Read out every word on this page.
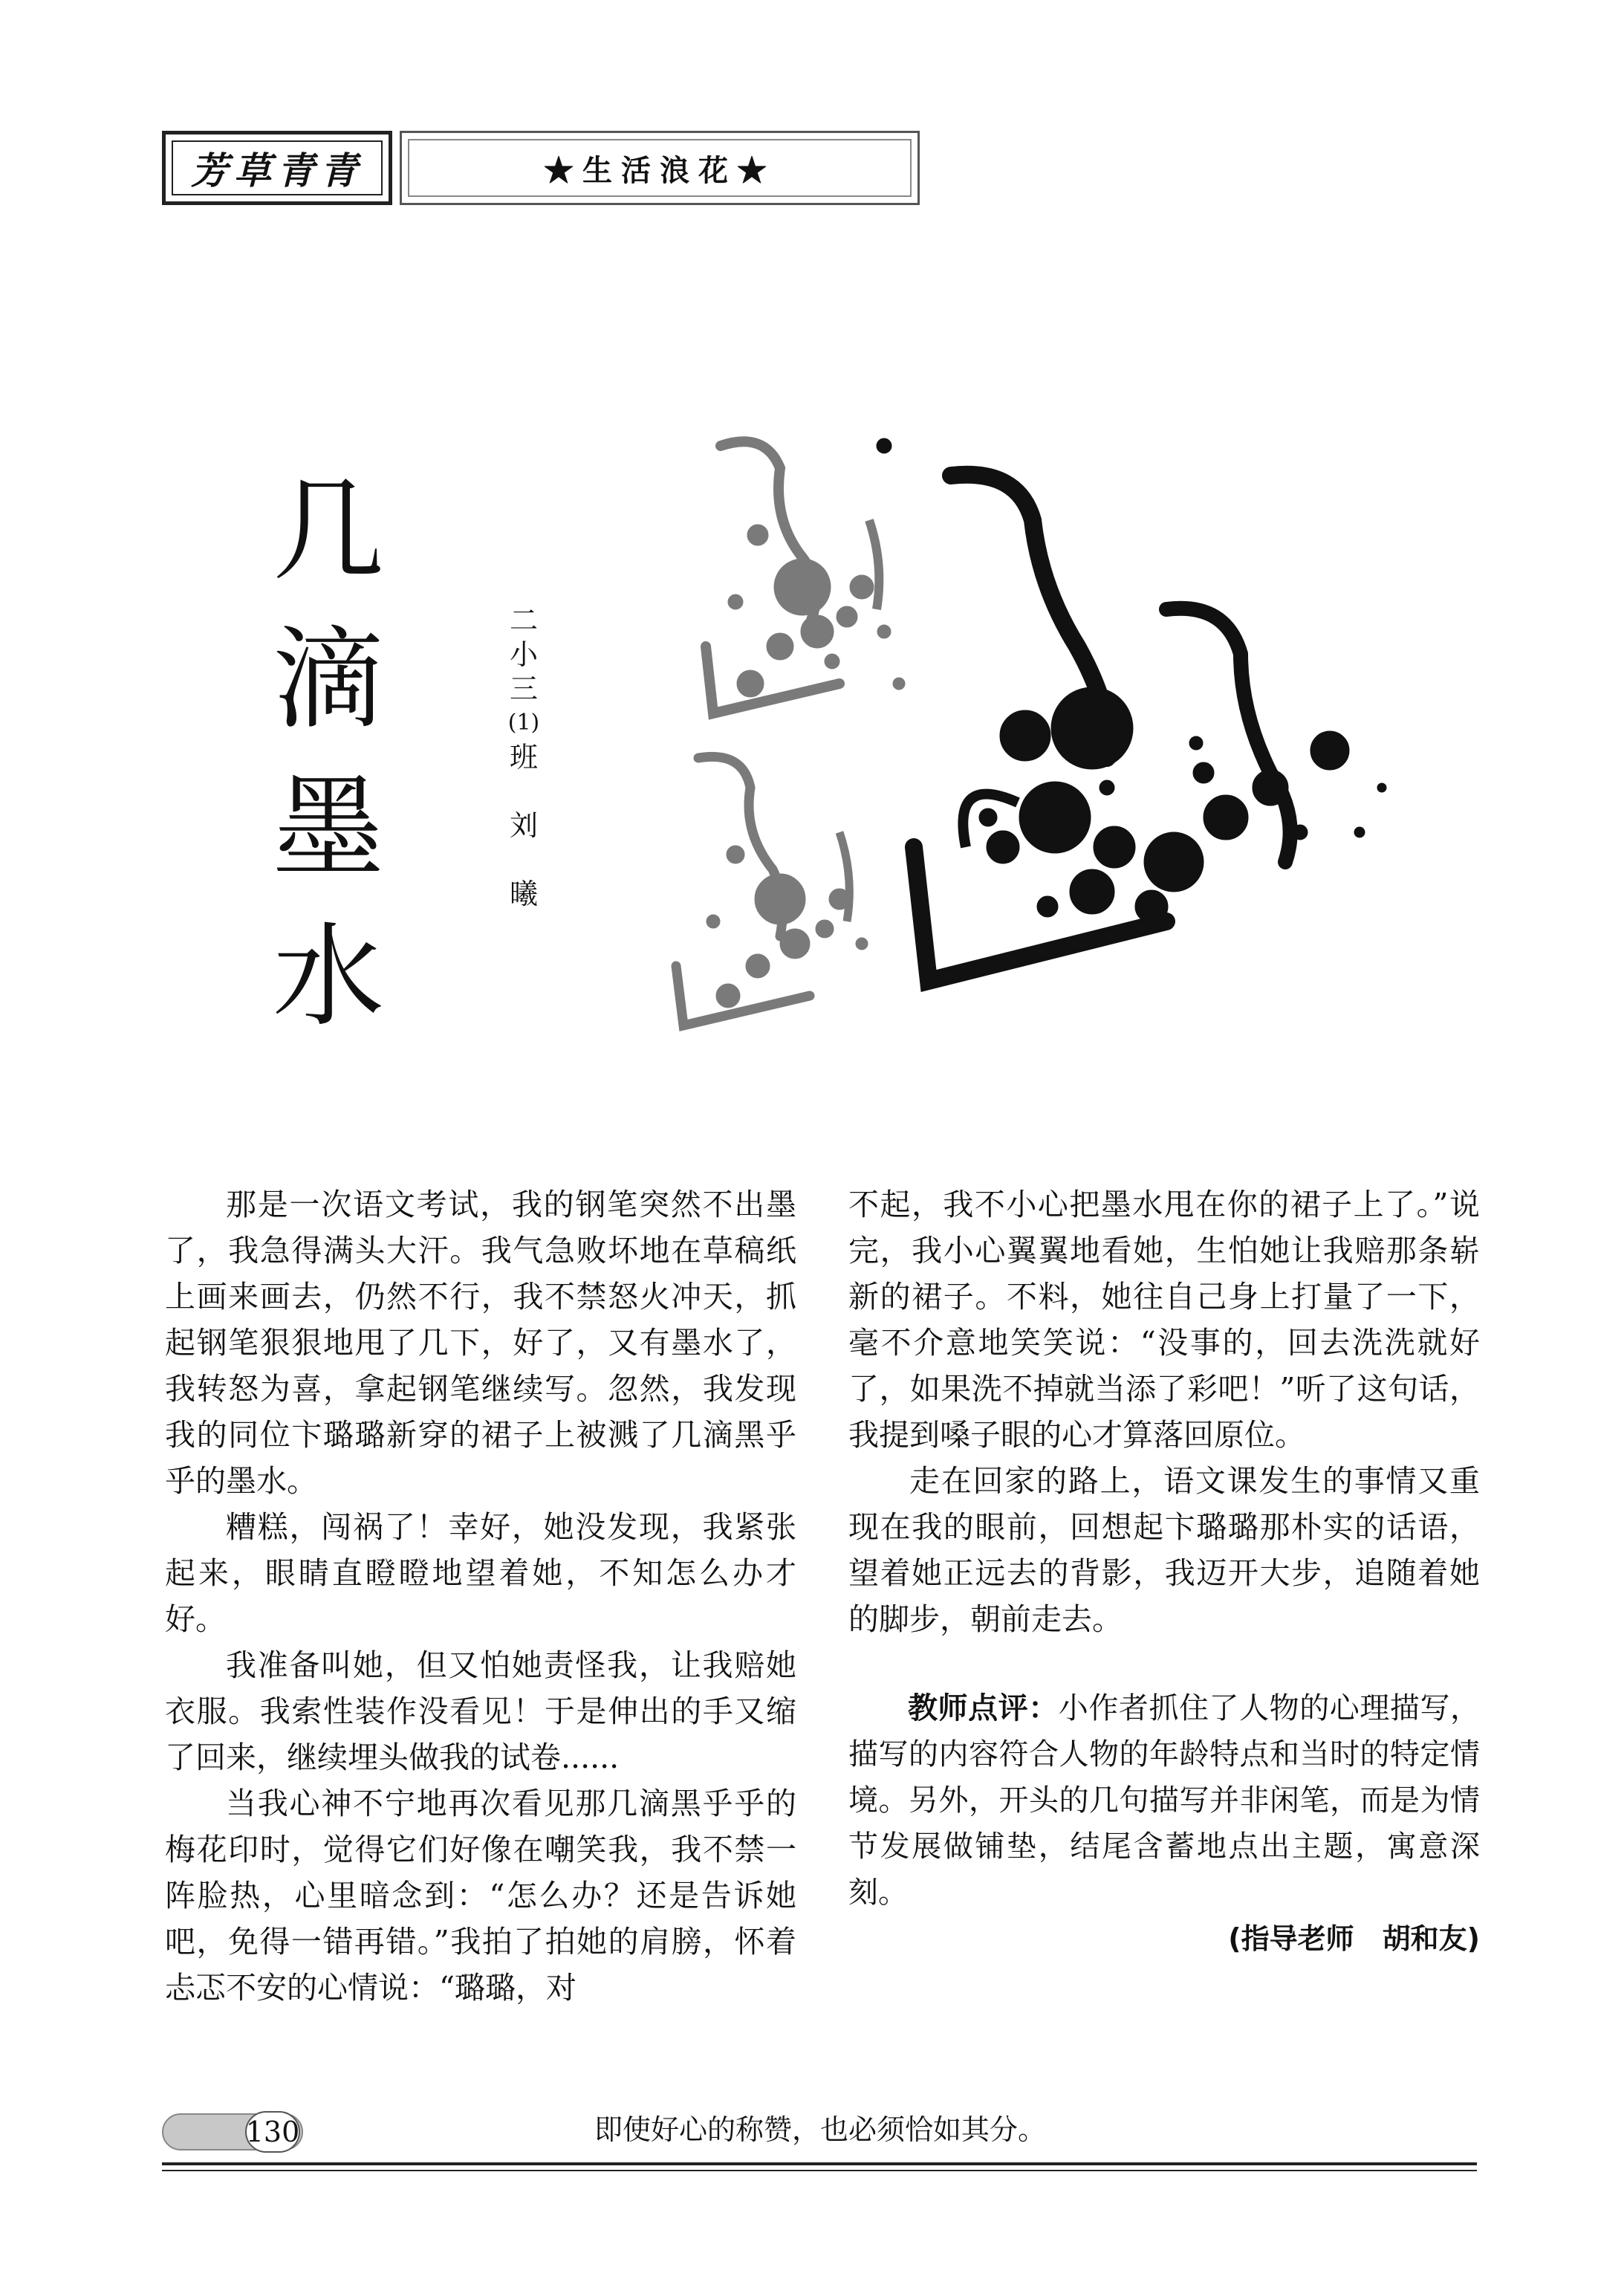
芳草青青	★生活浪花★
几
滴
墨
水
二
小
三
(1)
班
刘
曦

那是一次语文考试，我的钢笔突然不出墨了，我急得满头大汗。我气急败坏地在草稿纸上画来画去，仍然不行，我不禁怒火冲天，抓起钢笔狠狠地甩了几下，好了，又有墨水了，我转怒为喜，拿起钢笔继续写。忽然，我发现我的同位卞璐璐新穿的裙子上被溅了几滴黑乎乎的墨水。

糟糕，闯祸了！幸好，她没发现，我紧张起来，眼睛直瞪瞪地望着她，不知怎么办才好。

我准备叫她，但又怕她责怪我，让我赔她衣服。我索性装作没看见！于是伸出的手又缩了回来，继续埋头做我的试卷......

当我心神不宁地再次看见那几滴黑乎乎的梅花印时，觉得它们好像在嘲笑我，我不禁一阵脸热，心里暗念到：“怎么办？还是告诉她吧，免得一错再错。”我拍了拍她的肩膀，怀着忐忑不安的心情说：“璐璐，对

不起，我不小心把墨水甩在你的裙子上了。”说完，我小心翼翼地看她，生怕她让我赔那条崭新的裙子。不料，她往自己身上打量了一下，毫不介意地笑笑说：“没事的，回去洗洗就好了，如果洗不掉就当添了彩吧！”听了这句话，我提到嗓子眼的心才算落回原位。

走在回家的路上，语文课发生的事情又重现在我的眼前，回想起卞璐璐那朴实的话语，望着她正远去的背影，我迈开大步，追随着她的脚步，朝前走去。

教师点评：小作者抓住了人物的心理描写，描写的内容符合人物的年龄特点和当时的特定情境。另外，开头的几句描写并非闲笔，而是为情节发展做铺垫，结尾含蓄地点出主题，寓意深刻。

(指导老师　胡和友)

130	即使好心的称赞，也必须恰如其分。
